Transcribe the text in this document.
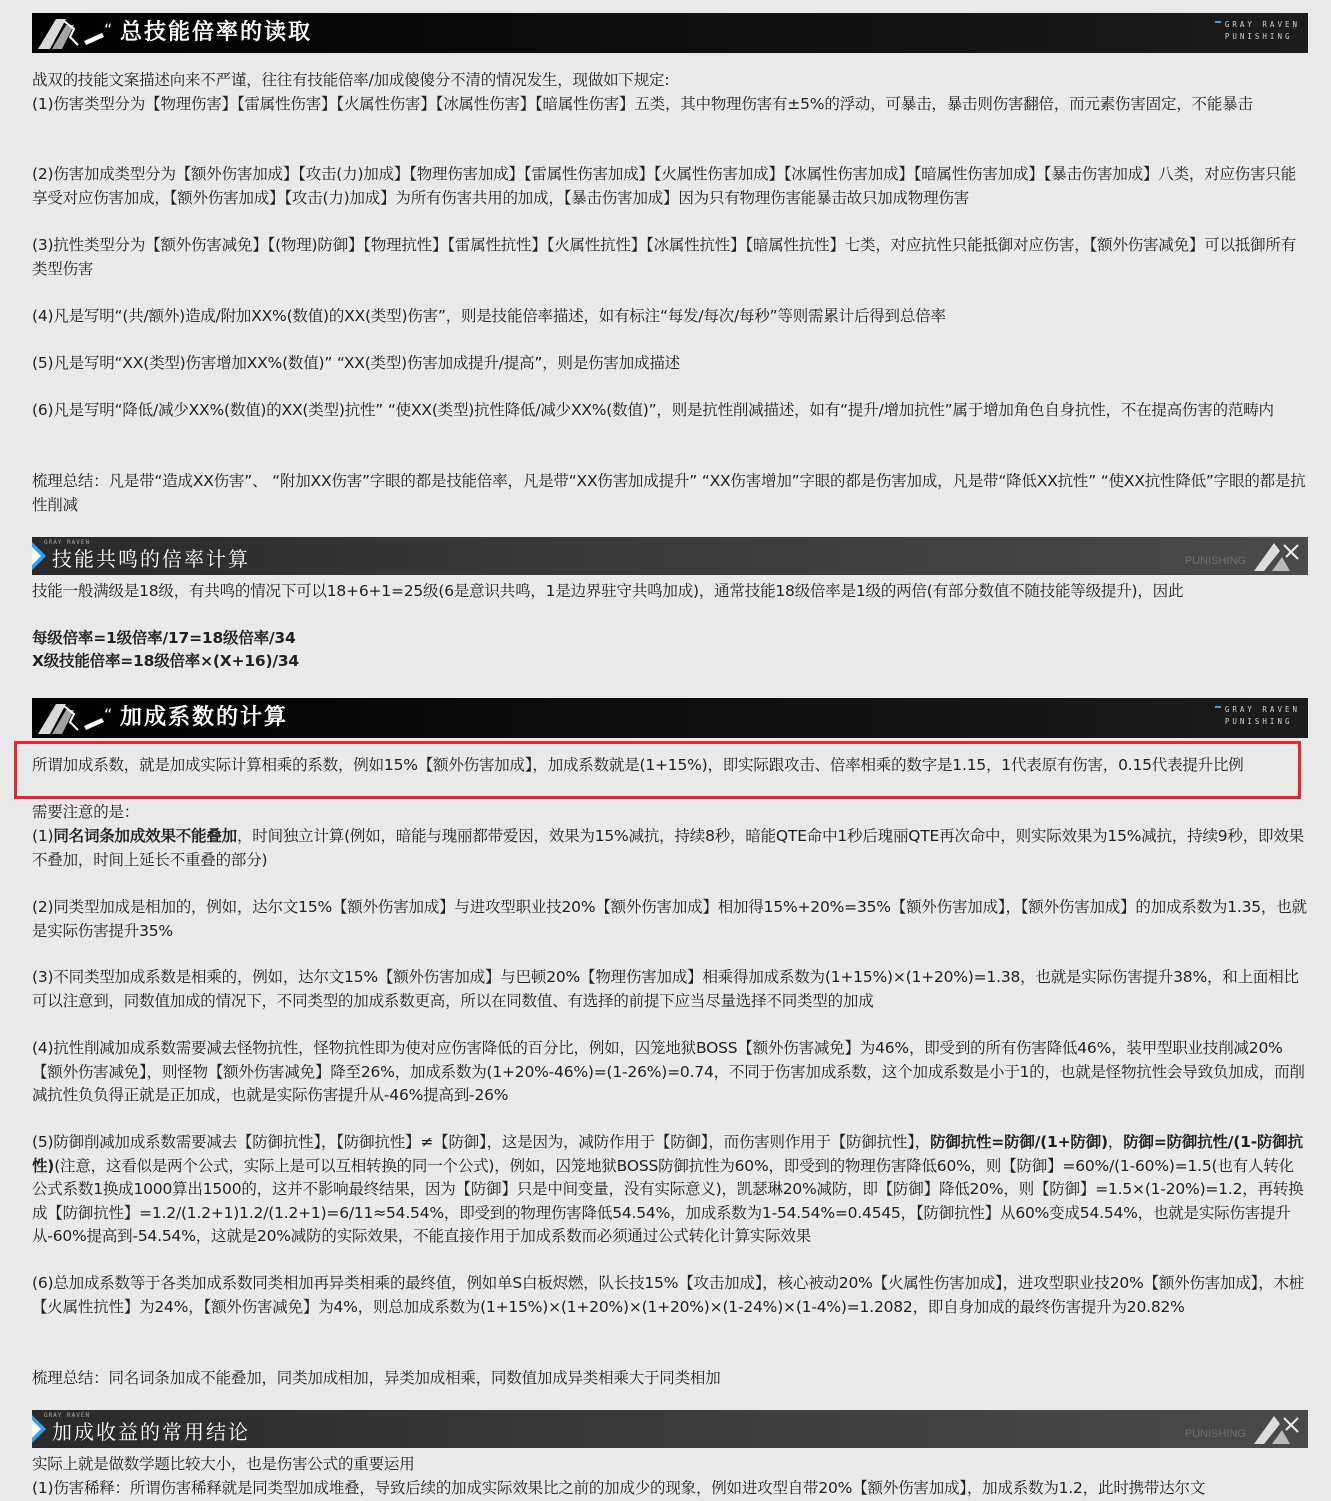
“ 总技能倍率的读取	GRAY RAVEN
PUNISHING
战双的技能文案描述向来不严谨，往往有技能倍率/加成傻傻分不清的情况发生，现做如下规定:
(1)伤害类型分为【物理伤害】【雷属性伤害】【火属性伤害】【冰属性伤害】【暗属性伤害】五类，其中物理伤害有±5%的浮动，可暴击，暴击则伤害翻倍，而元素伤害固定，不能暴击
(2)伤害加成类型分为【额外伤害加成】【攻击(力)加成】【物理伤害加成】【雷属性伤害加成】【火属性伤害加成】【冰属性伤害加成】【暗属性伤害加成】【暴击伤害加成】八类，对应伤害只能享受对应伤害加成，【额外伤害加成】【攻击(力)加成】为所有伤害共用的加成，【暴击伤害加成】因为只有物理伤害能暴击故只加成物理伤害
(3)抗性类型分为【额外伤害减免】【(物理)防御】【物理抗性】【雷属性抗性】【火属性抗性】【冰属性抗性】【暗属性抗性】七类，对应抗性只能抵御对应伤害，【额外伤害减免】可以抵御所有类型伤害
(4)凡是写明“(共/额外)造成/附加XX%(数值)的XX(类型)伤害”，则是技能倍率描述，如有标注“每发/每次/每秒”等则需累计后得到总倍率
(5)凡是写明“XX(类型)伤害增加XX%(数值)” “XX(类型)伤害加成提升/提高”，则是伤害加成描述
(6)凡是写明“降低/减少XX%(数值)的XX(类型)抗性” “使XX(类型)抗性降低/减少XX%(数值)”，则是抗性削减描述，如有“提升/增加抗性”属于增加角色自身抗性，不在提高伤害的范畴内
梳理总结：凡是带“造成XX伤害”、 “附加XX伤害”字眼的都是技能倍率，凡是带“XX伤害加成提升” “XX伤害增加”字眼的都是伤害加成，凡是带“降低XX抗性” “使XX抗性降低”字眼的都是抗性削减
GRAY RAVEN
技能共鸣的倍率计算	PUNISHING
技能一般满级是18级，有共鸣的情况下可以18+6+1=25级(6是意识共鸣，1是边界驻守共鸣加成)，通常技能18级倍率是1级的两倍(有部分数值不随技能等级提升)，因此
每级倍率=1级倍率/17=18级倍率/34
X级技能倍率=18级倍率×(X+16)/34
“ 加成系数的计算	GRAY RAVEN
PUNISHING
所谓加成系数，就是加成实际计算相乘的系数，例如15%【额外伤害加成】，加成系数就是(1+15%)，即实际跟攻击、倍率相乘的数字是1.15，1代表原有伤害，0.15代表提升比例
需要注意的是：
(1)同名词条加成效果不能叠加，时间独立计算(例如，暗能与瑰丽都带爱因，效果为15%减抗，持续8秒，暗能QTE命中1秒后瑰丽QTE再次命中，则实际效果为15%减抗，持续9秒，即效果不叠加，时间上延长不重叠的部分)
(2)同类型加成是相加的，例如，达尔文15%【额外伤害加成】与进攻型职业技20%【额外伤害加成】相加得15%+20%=35%【额外伤害加成】，【额外伤害加成】的加成系数为1.35，也就是实际伤害提升35%
(3)不同类型加成系数是相乘的，例如，达尔文15%【额外伤害加成】与巴顿20%【物理伤害加成】相乘得加成系数为(1+15%)×(1+20%)=1.38，也就是实际伤害提升38%，和上面相比可以注意到，同数值加成的情况下，不同类型的加成系数更高，所以在同数值、有选择的前提下应当尽量选择不同类型的加成
(4)抗性削减加成系数需要减去怪物抗性，怪物抗性即为使对应伤害降低的百分比，例如，囚笼地狱BOSS【额外伤害减免】为46%，即受到的所有伤害降低46%，装甲型职业技削减20%【额外伤害减免】，则怪物【额外伤害减免】降至26%，加成系数为(1+20%-46%)=(1-26%)=0.74，不同于伤害加成系数，这个加成系数是小于1的，也就是怪物抗性会导致负加成，而削减抗性负负得正就是正加成，也就是实际伤害提升从-46%提高到-26%
(5)防御削减加成系数需要减去【防御抗性】，【防御抗性】≠【防御】，这是因为，减防作用于【防御】，而伤害则作用于【防御抗性】，防御抗性=防御/(1+防御)，防御=防御抗性/(1-防御抗性)(注意，这看似是两个公式，实际上是可以互相转换的同一个公式)，例如，囚笼地狱BOSS防御抗性为60%，即受到的物理伤害降低60%，则【防御】=60%/(1-60%)=1.5(也有人转化公式系数1换成1000算出1500的，这并不影响最终结果，因为【防御】只是中间变量，没有实际意义)，凯瑟琳20%减防，即【防御】降低20%，则【防御】=1.5×(1-20%)=1.2，再转换成【防御抗性】=1.2/(1.2+1)1.2/(1.2+1)=6/11≈54.54%，即受到的物理伤害降低54.54%，加成系数为1-54.54%=0.4545，【防御抗性】从60%变成54.54%，也就是实际伤害提升从-60%提高到-54.54%，这就是20%减防的实际效果，不能直接作用于加成系数而必须通过公式转化计算实际效果
(6)总加成系数等于各类加成系数同类相加再异类相乘的最终值，例如单S白板烬燃，队长技15%【攻击加成】，核心被动20%【火属性伤害加成】，进攻型职业技20%【额外伤害加成】，木桩【火属性抗性】为24%，【额外伤害减免】为4%，则总加成系数为(1+15%)×(1+20%)×(1+20%)×(1-24%)×(1-4%)=1.2082，即自身加成的最终伤害提升为20.82%
梳理总结：同名词条加成不能叠加，同类加成相加，异类加成相乘，同数值加成异类相乘大于同类相加
GRAY RAVEN
加成收益的常用结论	PUNISHING
实际上就是做数学题比较大小，也是伤害公式的重要运用
(1)伤害稀释：所谓伤害稀释就是同类型加成堆叠，导致后续的加成实际效果比之前的加成少的现象，例如进攻型自带20%【额外伤害加成】，加成系数为1.2，此时携带达尔文
